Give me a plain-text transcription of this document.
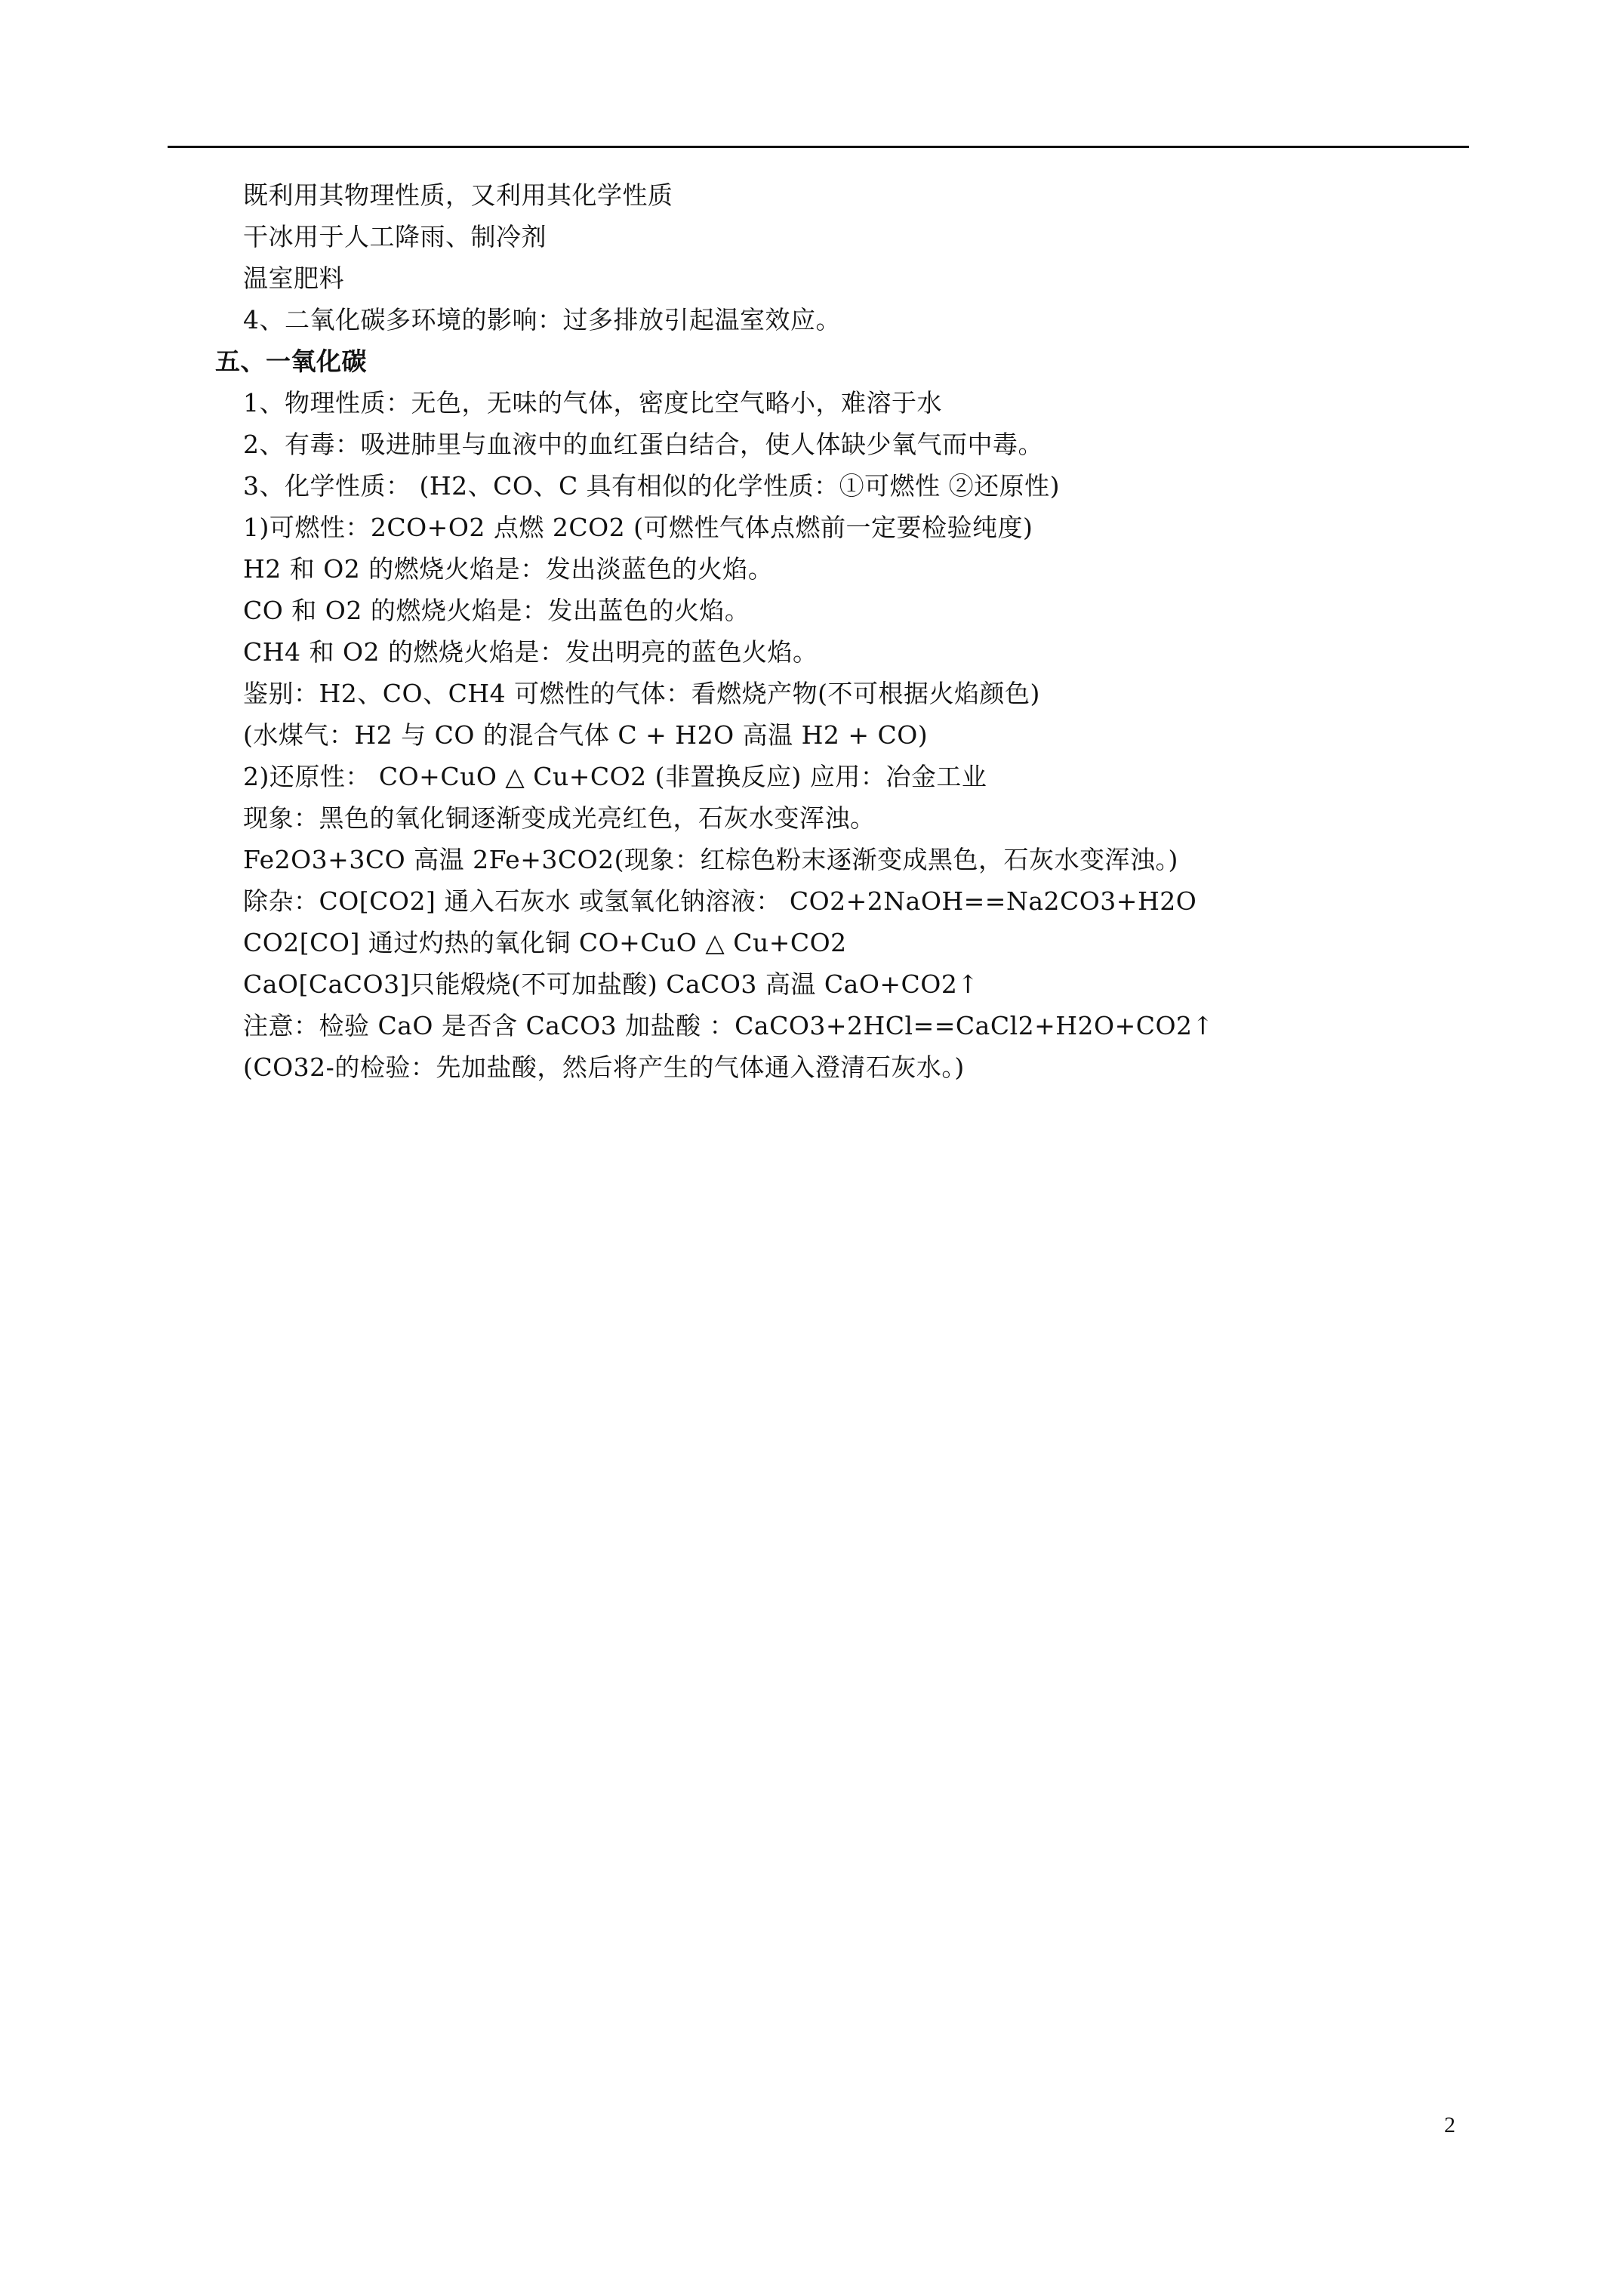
既利用其物理性质，又利用其化学性质
干冰用于人工降雨、制冷剂
温室肥料
4、二氧化碳多环境的影响：过多排放引起温室效应。
五、一氧化碳
1、物理性质：无色，无味的气体，密度比空气略小，难溶于水
2、有毒：吸进肺里与血液中的血红蛋白结合，使人体缺少氧气而中毒。
3、化学性质： (H2、CO、C 具有相似的化学性质：①可燃性 ②还原性)
1)可燃性：2CO+O2 点燃 2CO2 (可燃性气体点燃前一定要检验纯度)
H2 和 O2 的燃烧火焰是：发出淡蓝色的火焰。
CO 和 O2 的燃烧火焰是：发出蓝色的火焰。
CH4 和 O2 的燃烧火焰是：发出明亮的蓝色火焰。
鉴别：H2、CO、CH4 可燃性的气体：看燃烧产物(不可根据火焰颜色)
(水煤气：H2 与 CO 的混合气体 C + H2O 高温 H2 + CO)
2)还原性： CO+CuO △ Cu+CO2 (非置换反应) 应用：冶金工业
现象：黑色的氧化铜逐渐变成光亮红色，石灰水变浑浊。
Fe2O3+3CO 高温 2Fe+3CO2(现象：红棕色粉末逐渐变成黑色，石灰水变浑浊。)
除杂：CO[CO2] 通入石灰水 或氢氧化钠溶液： CO2+2NaOH==Na2CO3+H2O
CO2[CO] 通过灼热的氧化铜 CO+CuO △ Cu+CO2
CaO[CaCO3]只能煅烧(不可加盐酸) CaCO3 高温 CaO+CO2↑
注意：检验 CaO 是否含 CaCO3 加盐酸 ：CaCO3+2HCl==CaCl2+H2O+CO2↑
(CO32-的检验：先加盐酸，然后将产生的气体通入澄清石灰水。)
2
